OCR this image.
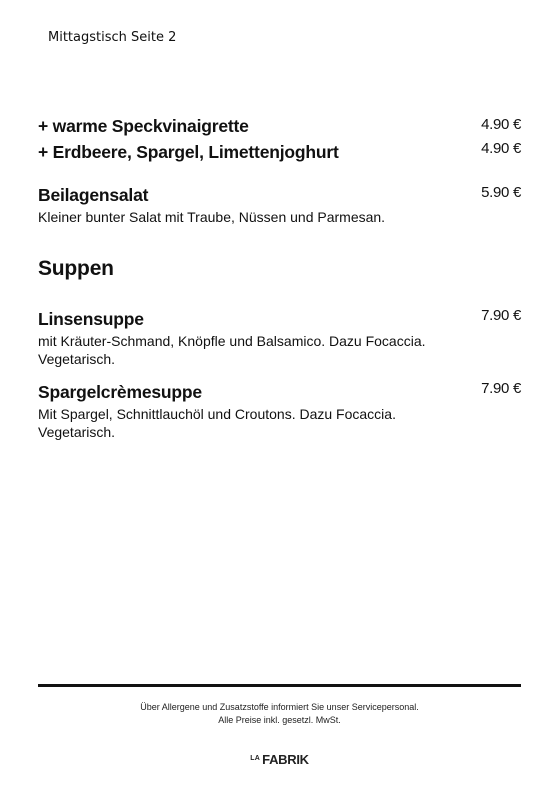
Mittagstisch Seite 2
+ warme Speckvinaigrette	4.90 €
+ Erdbeere, Spargel, Limettenjoghurt	4.90 €
Beilagensalat
Kleiner bunter Salat mit Traube, Nüssen und Parmesan.
5.90 €
Suppen
Linsensuppe
mit Kräuter-Schmand, Knöpfle und Balsamico. Dazu Focaccia. Vegetarisch.
7.90 €
Spargelcrèmesuppe
Mit Spargel, Schnittlauchöl und Croutons. Dazu Focaccia. Vegetarisch.
7.90 €
Über Allergene und Zusatzstoffe informiert Sie unser Servicepersonal.
Alle Preise inkl. gesetzl. MwSt.
$^{LA}$ FABRIK
